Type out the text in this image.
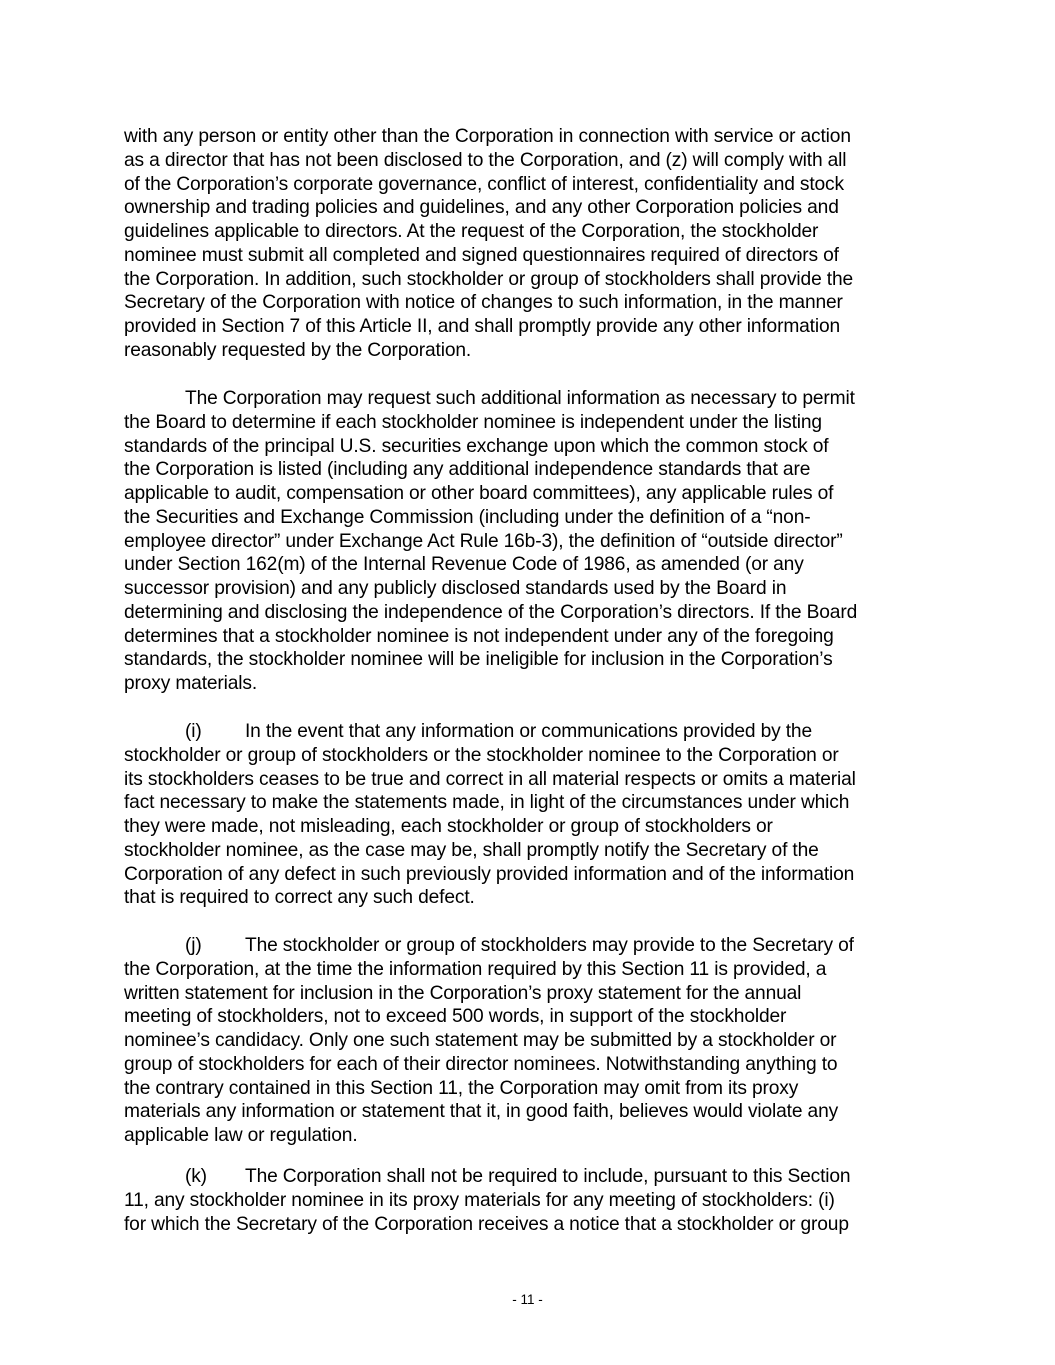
with any person or entity other than the Corporation in connection with service or action
as a director that has not been disclosed to the Corporation, and (z) will comply with all
of the Corporation’s corporate governance, conflict of interest, confidentiality and stock
ownership and trading policies and guidelines, and any other Corporation policies and
guidelines applicable to directors. At the request of the Corporation, the stockholder
nominee must submit all completed and signed questionnaires required of directors of
the Corporation. In addition, such stockholder or group of stockholders shall provide the
Secretary of the Corporation with notice of changes to such information, in the manner
provided in Section 7 of this Article II, and shall promptly provide any other information
reasonably requested by the Corporation.
The Corporation may request such additional information as necessary to permit
the Board to determine if each stockholder nominee is independent under the listing
standards of the principal U.S. securities exchange upon which the common stock of
the Corporation is listed (including any additional independence standards that are
applicable to audit, compensation or other board committees), any applicable rules of
the Securities and Exchange Commission (including under the definition of a “non-
employee director” under Exchange Act Rule 16b-3), the definition of “outside director”
under Section 162(m) of the Internal Revenue Code of 1986, as amended (or any
successor provision) and any publicly disclosed standards used by the Board in
determining and disclosing the independence of the Corporation’s directors. If the Board
determines that a stockholder nominee is not independent under any of the foregoing
standards, the stockholder nominee will be ineligible for inclusion in the Corporation’s
proxy materials.
(i) In the event that any information or communications provided by the
stockholder or group of stockholders or the stockholder nominee to the Corporation or
its stockholders ceases to be true and correct in all material respects or omits a material
fact necessary to make the statements made, in light of the circumstances under which
they were made, not misleading, each stockholder or group of stockholders or
stockholder nominee, as the case may be, shall promptly notify the Secretary of the
Corporation of any defect in such previously provided information and of the information
that is required to correct any such defect.
(j) The stockholder or group of stockholders may provide to the Secretary of
the Corporation, at the time the information required by this Section 11 is provided, a
written statement for inclusion in the Corporation’s proxy statement for the annual
meeting of stockholders, not to exceed 500 words, in support of the stockholder
nominee’s candidacy. Only one such statement may be submitted by a stockholder or
group of stockholders for each of their director nominees. Notwithstanding anything to
the contrary contained in this Section 11, the Corporation may omit from its proxy
materials any information or statement that it, in good faith, believes would violate any
applicable law or regulation.
(k) The Corporation shall not be required to include, pursuant to this Section
11, any stockholder nominee in its proxy materials for any meeting of stockholders: (i)
for which the Secretary of the Corporation receives a notice that a stockholder or group
- 11 -
